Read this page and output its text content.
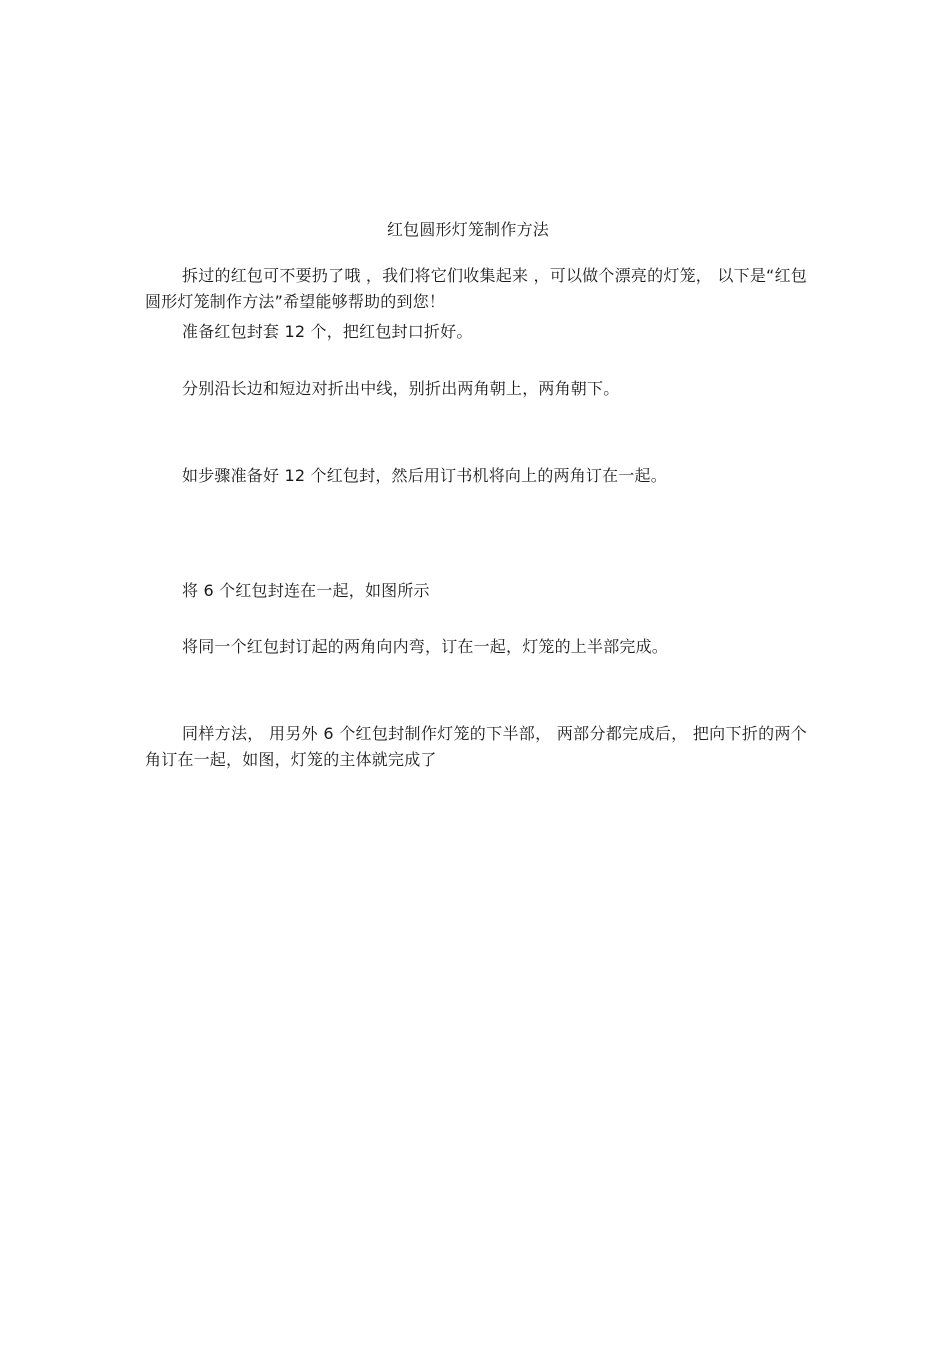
红包圆形灯笼制作方法

拆过的红包可不要扔了哦 ，我们将它们收集起来 ，可以做个漂亮的灯笼， 以下是“红包圆形灯笼制作方法”希望能够帮助的到您！

准备红包封套 12 个，把红包封口折好。

分别沿长边和短边对折出中线，别折出两角朝上，两角朝下。

如步骤准备好 12 个红包封，然后用订书机将向上的两角订在一起。

将 6 个红包封连在一起，如图所示

将同一个红包封订起的两角向内弯，订在一起，灯笼的上半部完成。

同样方法， 用另外 6 个红包封制作灯笼的下半部， 两部分都完成后， 把向下折的两个角订在一起，如图，灯笼的主体就完成了
